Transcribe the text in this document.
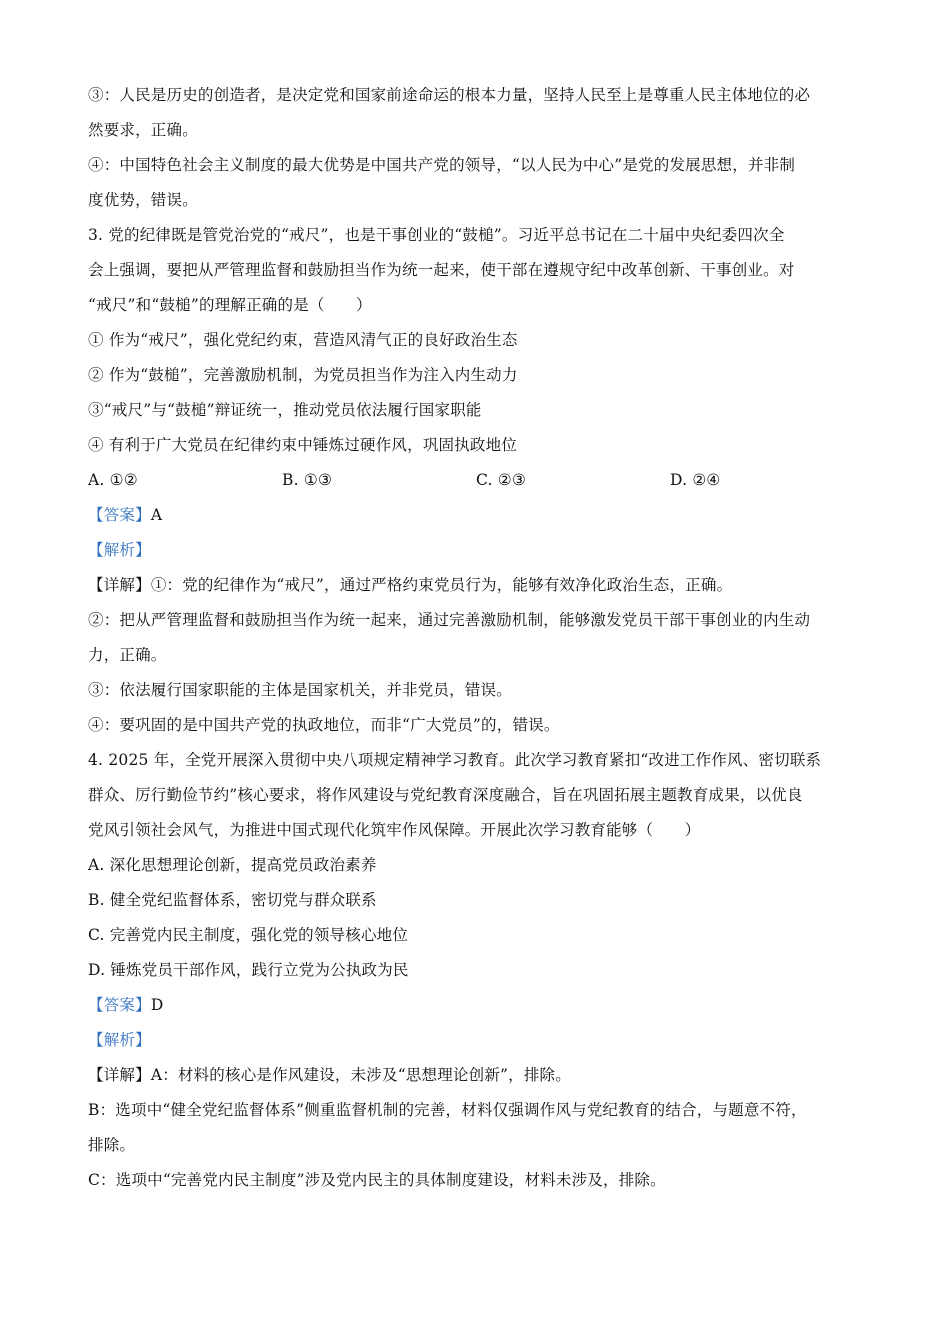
③：人民是历史的创造者，是决定党和国家前途命运的根本力量，坚持人民至上是尊重人民主体地位的必

然要求，正确。

④：中国特色社会主义制度的最大优势是中国共产党的领导，“以人民为中心”是党的发展思想，并非制

度优势，错误。

3. 党的纪律既是管党治党的“戒尺”，也是干事创业的“鼓槌”。习近平总书记在二十届中央纪委四次全

会上强调，要把从严管理监督和鼓励担当作为统一起来，使干部在遵规守纪中改革创新、干事创业。对

“戒尺”和“鼓槌”的理解正确的是（　　）

① 作为“戒尺”，强化党纪约束，营造风清气正的良好政治生态

② 作为“鼓槌”，完善激励机制，为党员担当作为注入内生动力

③“戒尺”与“鼓槌”辩证统一，推动党员依法履行国家职能

④ 有利于广大党员在纪律约束中锤炼过硬作风，巩固执政地位

A. ①②	B. ①③	C. ②③	D. ②④

【答案】A

【解析】

【详解】①：党的纪律作为“戒尺”，通过严格约束党员行为，能够有效净化政治生态，正确。

②：把从严管理监督和鼓励担当作为统一起来，通过完善激励机制，能够激发党员干部干事创业的内生动

力，正确。

③：依法履行国家职能的主体是国家机关，并非党员，错误。

④：要巩固的是中国共产党的执政地位，而非“广大党员”的，错误。

4. 2025 年，全党开展深入贯彻中央八项规定精神学习教育。此次学习教育紧扣“改进工作作风、密切联系

群众、厉行勤俭节约”核心要求，将作风建设与党纪教育深度融合，旨在巩固拓展主题教育成果，以优良

党风引领社会风气，为推进中国式现代化筑牢作风保障。开展此次学习教育能够（　　）

A. 深化思想理论创新，提高党员政治素养

B. 健全党纪监督体系，密切党与群众联系

C. 完善党内民主制度，强化党的领导核心地位

D. 锤炼党员干部作风，践行立党为公执政为民

【答案】D

【解析】

【详解】A：材料的核心是作风建设，未涉及“思想理论创新”，排除。

B：选项中“健全党纪监督体系”侧重监督机制的完善，材料仅强调作风与党纪教育的结合，与题意不符，

排除。

C：选项中“完善党内民主制度”涉及党内民主的具体制度建设，材料未涉及，排除。
